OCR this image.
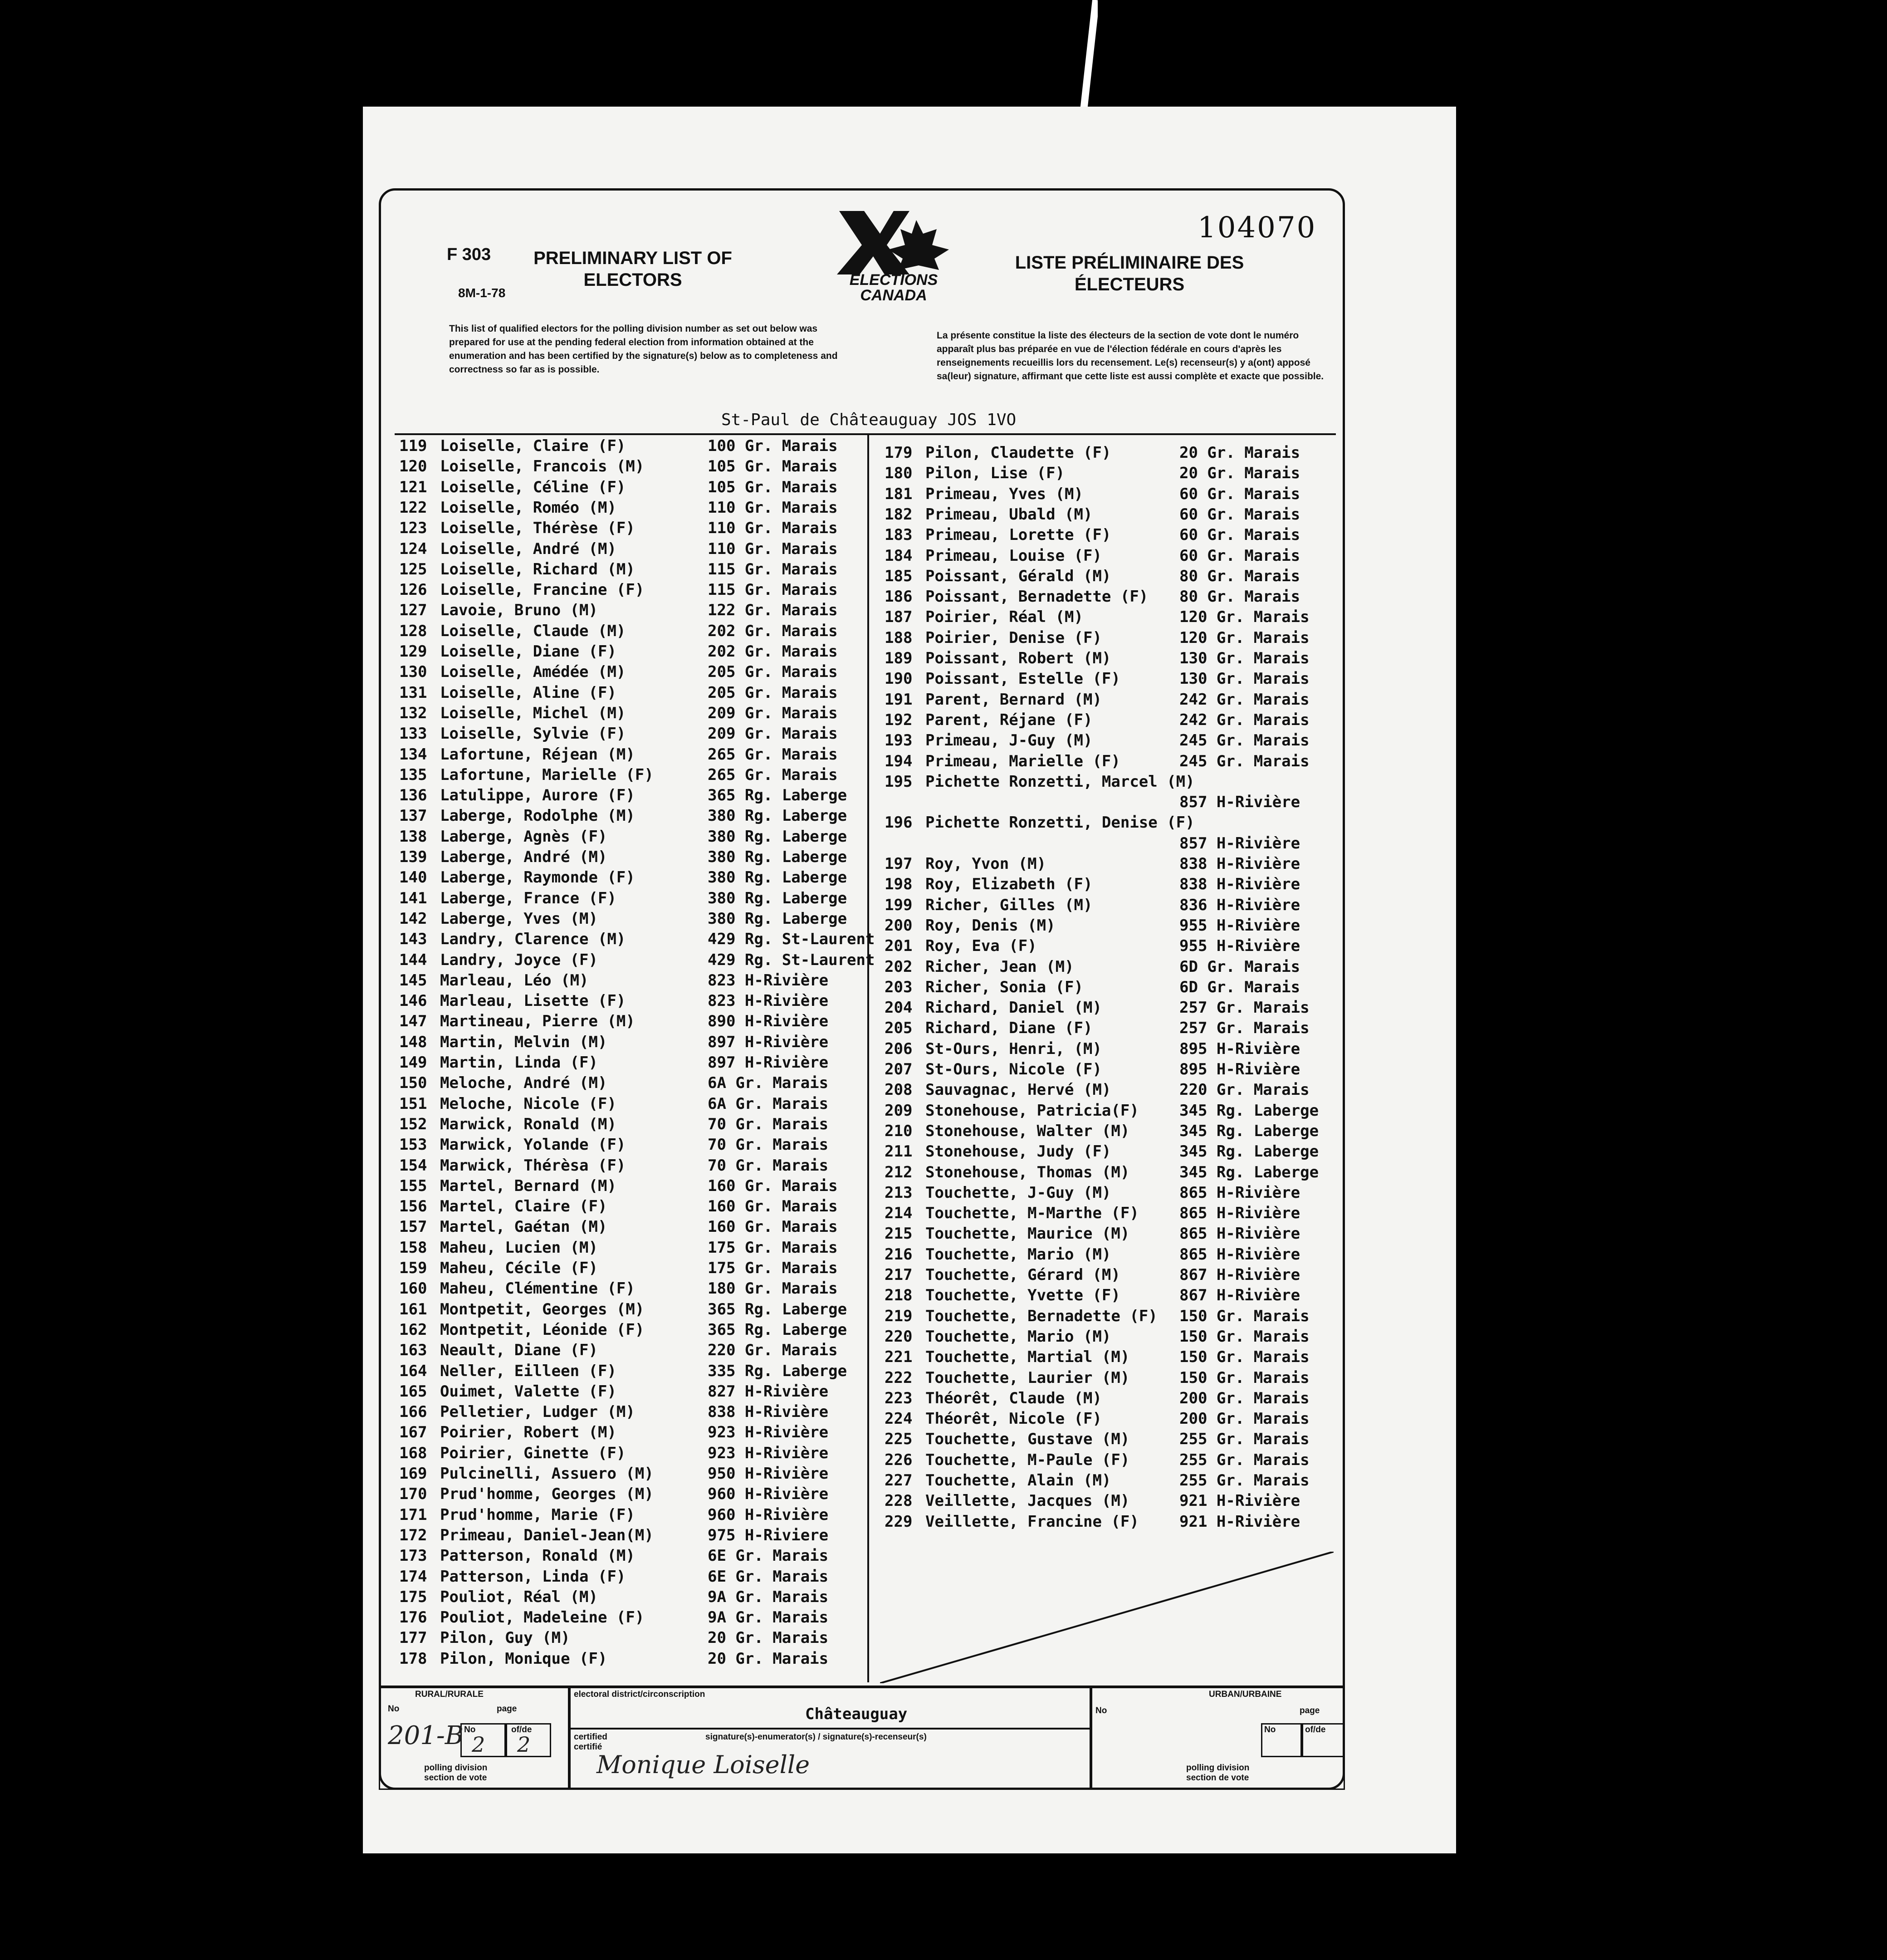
F 303
8M-1-78
PRELIMINARY LIST OF
ELECTORS	ELECTIONS
CANADA
LISTE PRÉLIMINAIRE DES
ÉLECTEURS
104070
This list of qualified electors for the polling division number as set out below was prepared for use at the pending federal election from information obtained at the enumeration and has been certified by the signature(s) below as to completeness and correctness so far as is possible.
La présente constitue la liste des électeurs de la section de vote dont le numéro apparaît plus bas préparée en vue de l'élection fédérale en cours d'après les renseignements recueillis lors du recensement. Le(s) recenseur(s) y a(ont) apposé sa(leur) signature, affirmant que cette liste est aussi complète et exacte que possible.
St-Paul de Châteauguay JOS 1VO
119 Loiselle, Claire (F)	100 Gr. Marais
120 Loiselle, Francois (M)	105 Gr. Marais
121 Loiselle, Céline (F)	105 Gr. Marais
122 Loiselle, Roméo (M)	110 Gr. Marais
123 Loiselle, Thérèse (F)	110 Gr. Marais
124 Loiselle, André (M)	110 Gr. Marais
125 Loiselle, Richard (M)	115 Gr. Marais
126 Loiselle, Francine (F)	115 Gr. Marais
127 Lavoie, Bruno (M)	122 Gr. Marais
128 Loiselle, Claude (M)	202 Gr. Marais
129 Loiselle, Diane (F)	202 Gr. Marais
130 Loiselle, Amédée (M)	205 Gr. Marais
131 Loiselle, Aline (F)	205 Gr. Marais
132 Loiselle, Michel (M)	209 Gr. Marais
133 Loiselle, Sylvie (F)	209 Gr. Marais
134 Lafortune, Réjean (M)	265 Gr. Marais
135 Lafortune, Marielle (F)	265 Gr. Marais
136 Latulippe, Aurore (F)	365 Rg. Laberge
137 Laberge, Rodolphe (M)	380 Rg. Laberge
138 Laberge, Agnès (F)	380 Rg. Laberge
139 Laberge, André (M)	380 Rg. Laberge
140 Laberge, Raymonde (F)	380 Rg. Laberge
141 Laberge, France (F)	380 Rg. Laberge
142 Laberge, Yves (M)	380 Rg. Laberge
143 Landry, Clarence (M)	429 Rg. St-Laurent
144 Landry, Joyce (F)	429 Rg. St-Laurent
145 Marleau, Léo (M)	823 H-Rivière
146 Marleau, Lisette (F)	823 H-Rivière
147 Martineau, Pierre (M)	890 H-Rivière
148 Martin, Melvin (M)	897 H-Rivière
149 Martin, Linda (F)	897 H-Rivière
150 Meloche, André (M)	6A Gr. Marais
151 Meloche, Nicole (F)	6A Gr. Marais
152 Marwick, Ronald (M)	70 Gr. Marais
153 Marwick, Yolande (F)	70 Gr. Marais
154 Marwick, Thérèsa (F)	70 Gr. Marais
155 Martel, Bernard (M)	160 Gr. Marais
156 Martel, Claire (F)	160 Gr. Marais
157 Martel, Gaétan (M)	160 Gr. Marais
158 Maheu, Lucien (M)	175 Gr. Marais
159 Maheu, Cécile (F)	175 Gr. Marais
160 Maheu, Clémentine (F)	180 Gr. Marais
161 Montpetit, Georges (M)	365 Rg. Laberge
162 Montpetit, Léonide (F)	365 Rg. Laberge
163 Neault, Diane (F)	220 Gr. Marais
164 Neller, Eilleen (F)	335 Rg. Laberge
165 Ouimet, Valette (F)	827 H-Rivière
166 Pelletier, Ludger (M)	838 H-Rivière
167 Poirier, Robert (M)	923 H-Rivière
168 Poirier, Ginette (F)	923 H-Rivière
169 Pulcinelli, Assuero (M)	950 H-Rivière
170 Prud'homme, Georges (M)	960 H-Rivière
171 Prud'homme, Marie (F)	960 H-Rivière
172 Primeau, Daniel-Jean(M)	975 H-Riviere
173 Patterson, Ronald (M)	6E Gr. Marais
174 Patterson, Linda (F)	6E Gr. Marais
175 Pouliot, Réal (M)	9A Gr. Marais
176 Pouliot, Madeleine (F)	9A Gr. Marais
177 Pilon, Guy (M)	20 Gr. Marais
178 Pilon, Monique (F)	20 Gr. Marais
179 Pilon, Claudette (F)	20 Gr. Marais
180 Pilon, Lise (F)	20 Gr. Marais
181 Primeau, Yves (M)	60 Gr. Marais
182 Primeau, Ubald (M)	60 Gr. Marais
183 Primeau, Lorette (F)	60 Gr. Marais
184 Primeau, Louise (F)	60 Gr. Marais
185 Poissant, Gérald (M)	80 Gr. Marais
186 Poissant, Bernadette (F) 80 Gr. Marais
187 Poirier, Réal (M)	120 Gr. Marais
188 Poirier, Denise (F)	120 Gr. Marais
189 Poissant, Robert (M)	130 Gr. Marais
190 Poissant, Estelle (F)	130 Gr. Marais
191 Parent, Bernard (M)	242 Gr. Marais
192 Parent, Réjane (F)	242 Gr. Marais
193 Primeau, J-Guy (M)	245 Gr. Marais
194 Primeau, Marielle (F)	245 Gr. Marais
195 Pichette Ronzetti, Marcel (M)
857 H-Rivière
196 Pichette Ronzetti, Denise (F)
857 H-Rivière
197 Roy, Yvon (M)	838 H-Rivière
198 Roy, Elizabeth (F)	838 H-Rivière
199 Richer, Gilles (M)	836 H-Rivière
200 Roy, Denis (M)	955 H-Rivière
201 Roy, Eva (F)	955 H-Rivière
202 Richer, Jean (M)	6D Gr. Marais
203 Richer, Sonia (F)	6D Gr. Marais
204 Richard, Daniel (M)	257 Gr. Marais
205 Richard, Diane (F)	257 Gr. Marais
206 St-Ours, Henri, (M)	895 H-Rivière
207 St-Ours, Nicole (F)	895 H-Rivière
208 Sauvagnac, Hervé (M)	220 Gr. Marais
209 Stonehouse, Patricia(F)	345 Rg. Laberge
210 Stonehouse, Walter (M)	345 Rg. Laberge
211 Stonehouse, Judy (F)	345 Rg. Laberge
212 Stonehouse, Thomas (M)	345 Rg. Laberge
213 Touchette, J-Guy (M)	865 H-Rivière
214 Touchette, M-Marthe (F)	865 H-Rivière
215 Touchette, Maurice (M)	865 H-Rivière
216 Touchette, Mario (M)	865 H-Rivière
217 Touchette, Gérard (M)	867 H-Rivière
218 Touchette, Yvette (F)	867 H-Rivière
219 Touchette, Bernadette (F) 150 Gr. Marais
220 Touchette, Mario (M)	150 Gr. Marais
221 Touchette, Martial (M)	150 Gr. Marais
222 Touchette, Laurier (M)	150 Gr. Marais
223 Théorêt, Claude (M)	200 Gr. Marais
224 Théorêt, Nicole (F)	200 Gr. Marais
225 Touchette, Gustave (M)	255 Gr. Marais
226 Touchette, M-Paule (F)	255 Gr. Marais
227 Touchette, Alain (M)	255 Gr. Marais
228 Veillette, Jacques (M)	921 H-Rivière
229 Veillette, Francine (F)	921 H-Rivière
RURAL/RURALE
No	page
No	of/de
201-B 2 2
polling division
section de vote
electoral district/circonscription
Châteauguay
certified
certifié
signature(s)-enumerator(s) / signature(s)-recenseur(s)
Monique Loiselle
URBAN/URBAINE
No	page
No	of/de
polling division
section de vote
